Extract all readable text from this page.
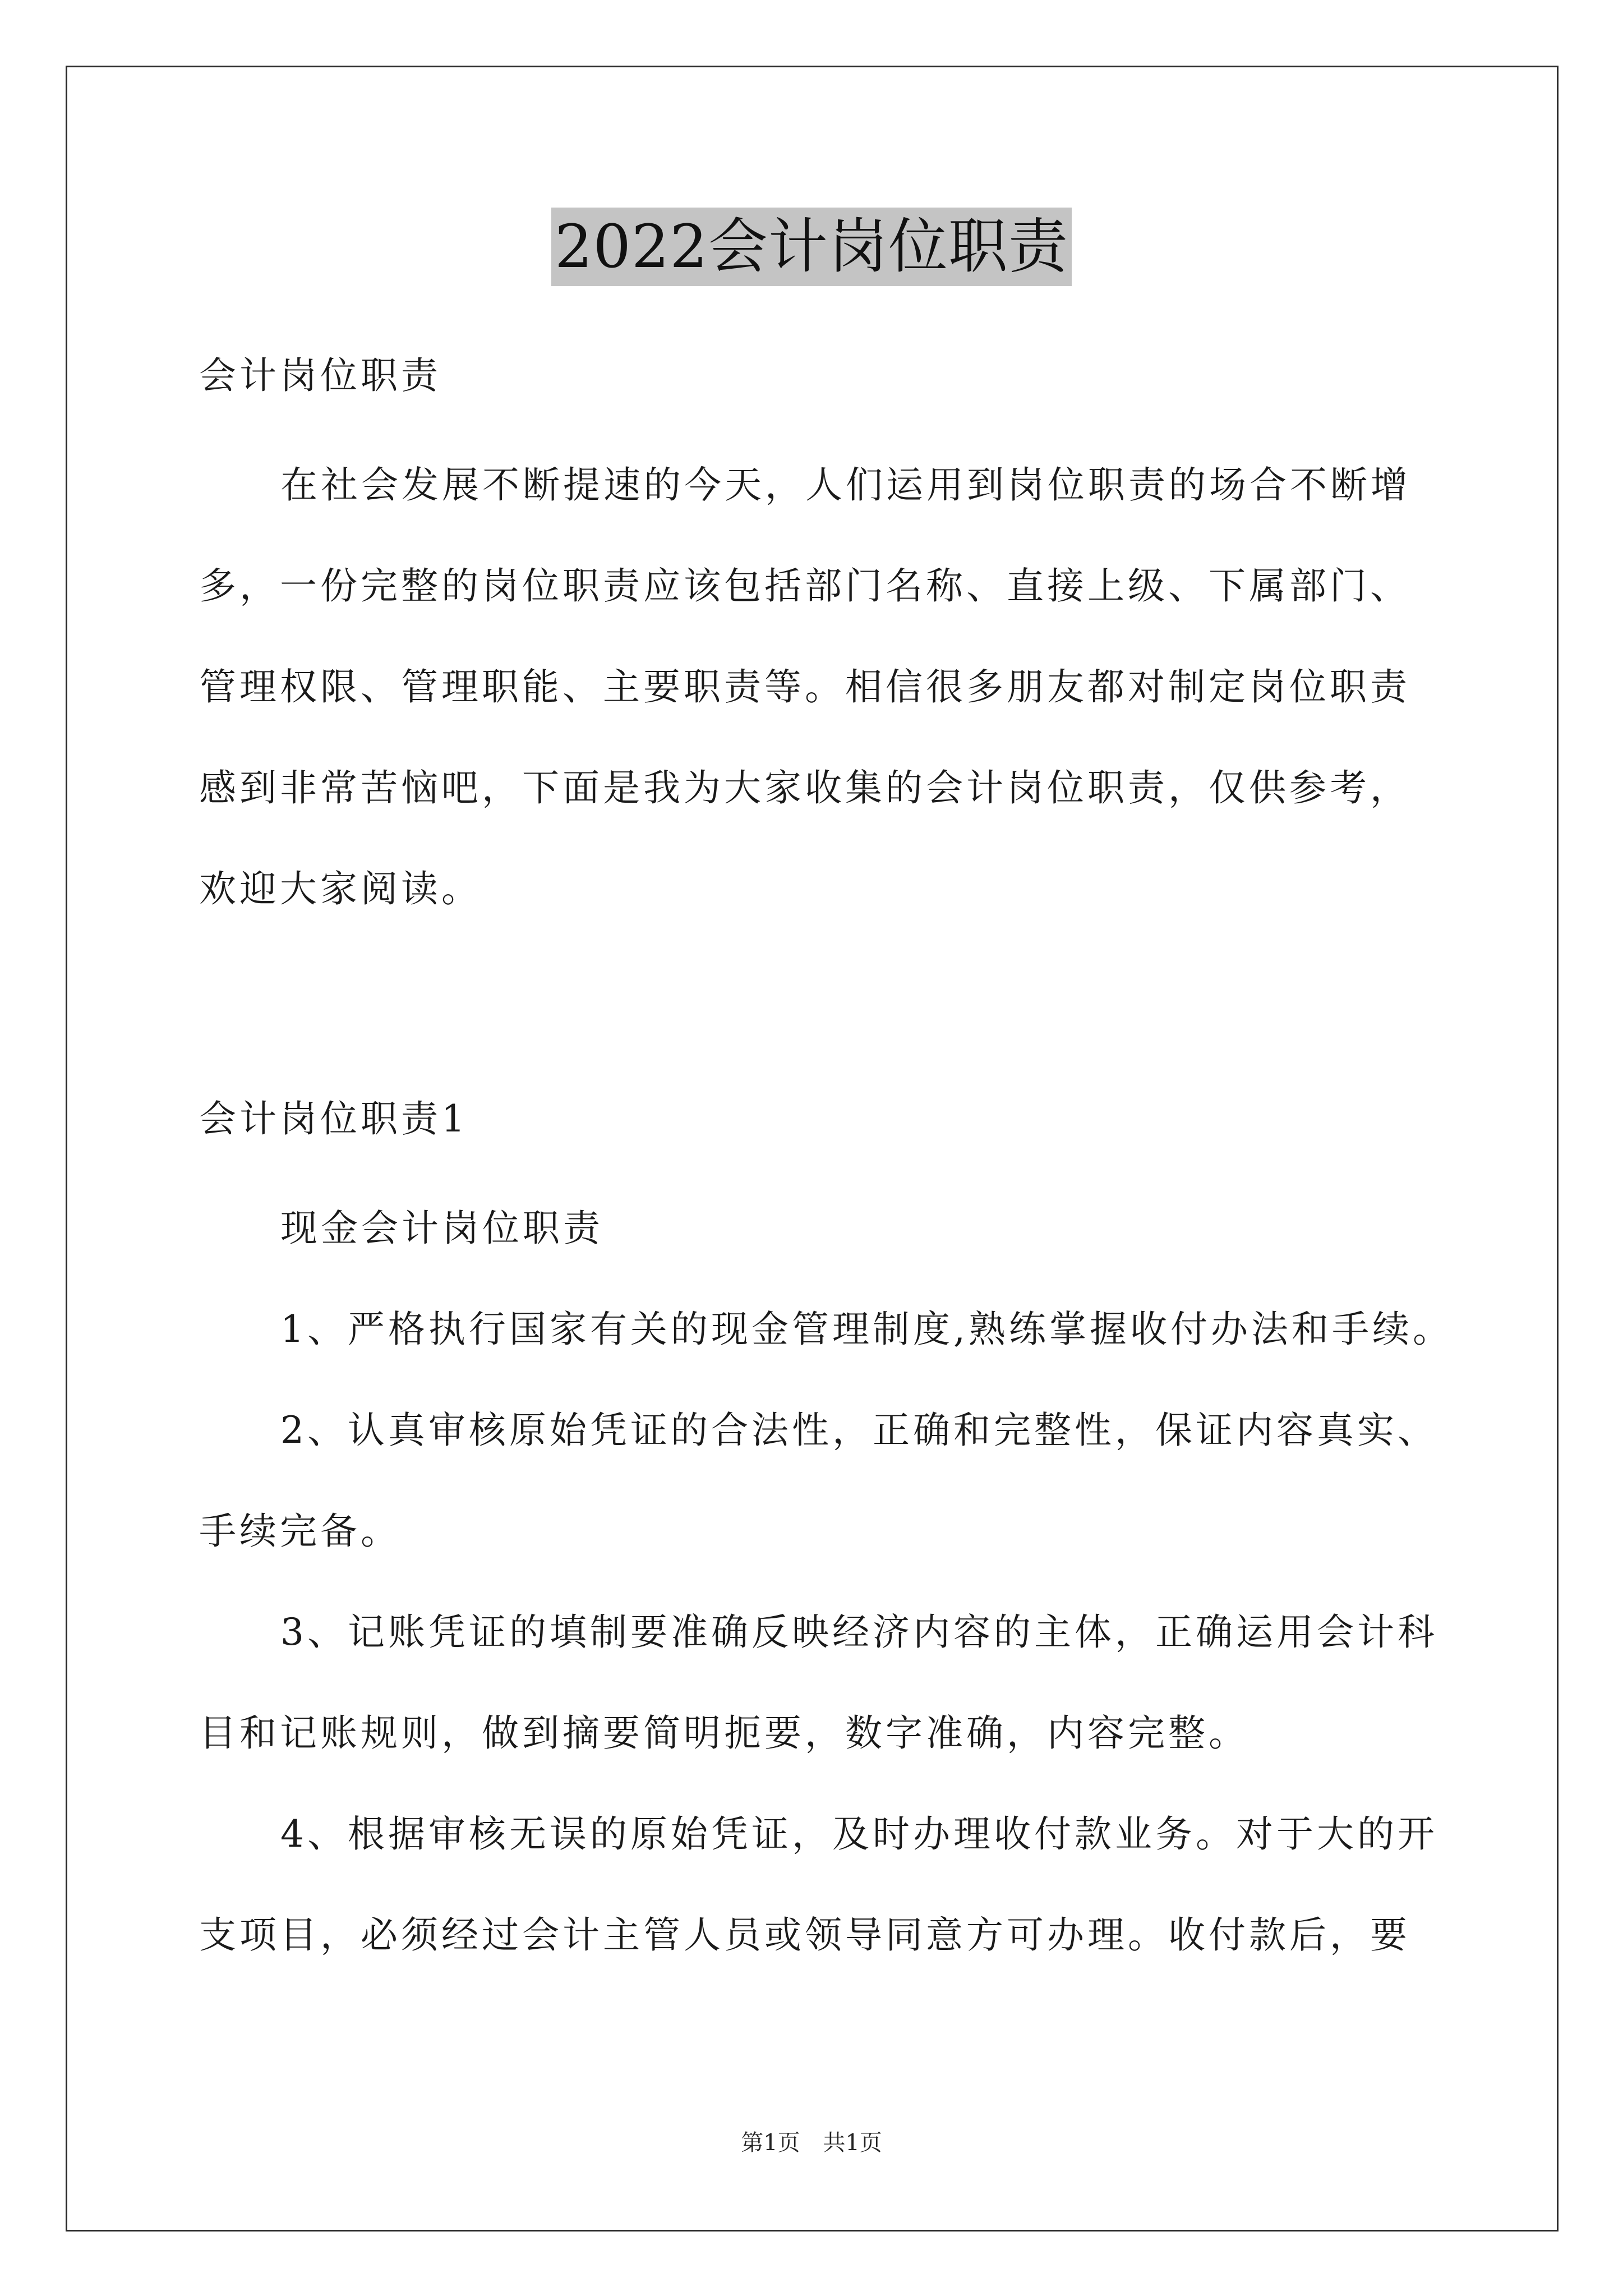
2022会计岗位职责
会计岗位职责
在社会发展不断提速的今天，人们运用到岗位职责的场合不断增
多，一份完整的岗位职责应该包括部门名称、直接上级、下属部门、
管理权限、管理职能、主要职责等。相信很多朋友都对制定岗位职责
感到非常苦恼吧，下面是我为大家收集的会计岗位职责，仅供参考，
欢迎大家阅读。
会计岗位职责1
现金会计岗位职责
1、严格执行国家有关的现金管理制度,熟练掌握收付办法和手续。
2、认真审核原始凭证的合法性，正确和完整性，保证内容真实、
手续完备。
3、记账凭证的填制要准确反映经济内容的主体，正确运用会计科
目和记账规则，做到摘要简明扼要，数字准确，内容完整。
4、根据审核无误的原始凭证，及时办理收付款业务。对于大的开
支项目，必须经过会计主管人员或领导同意方可办理。收付款后，要
第1页 共1页
